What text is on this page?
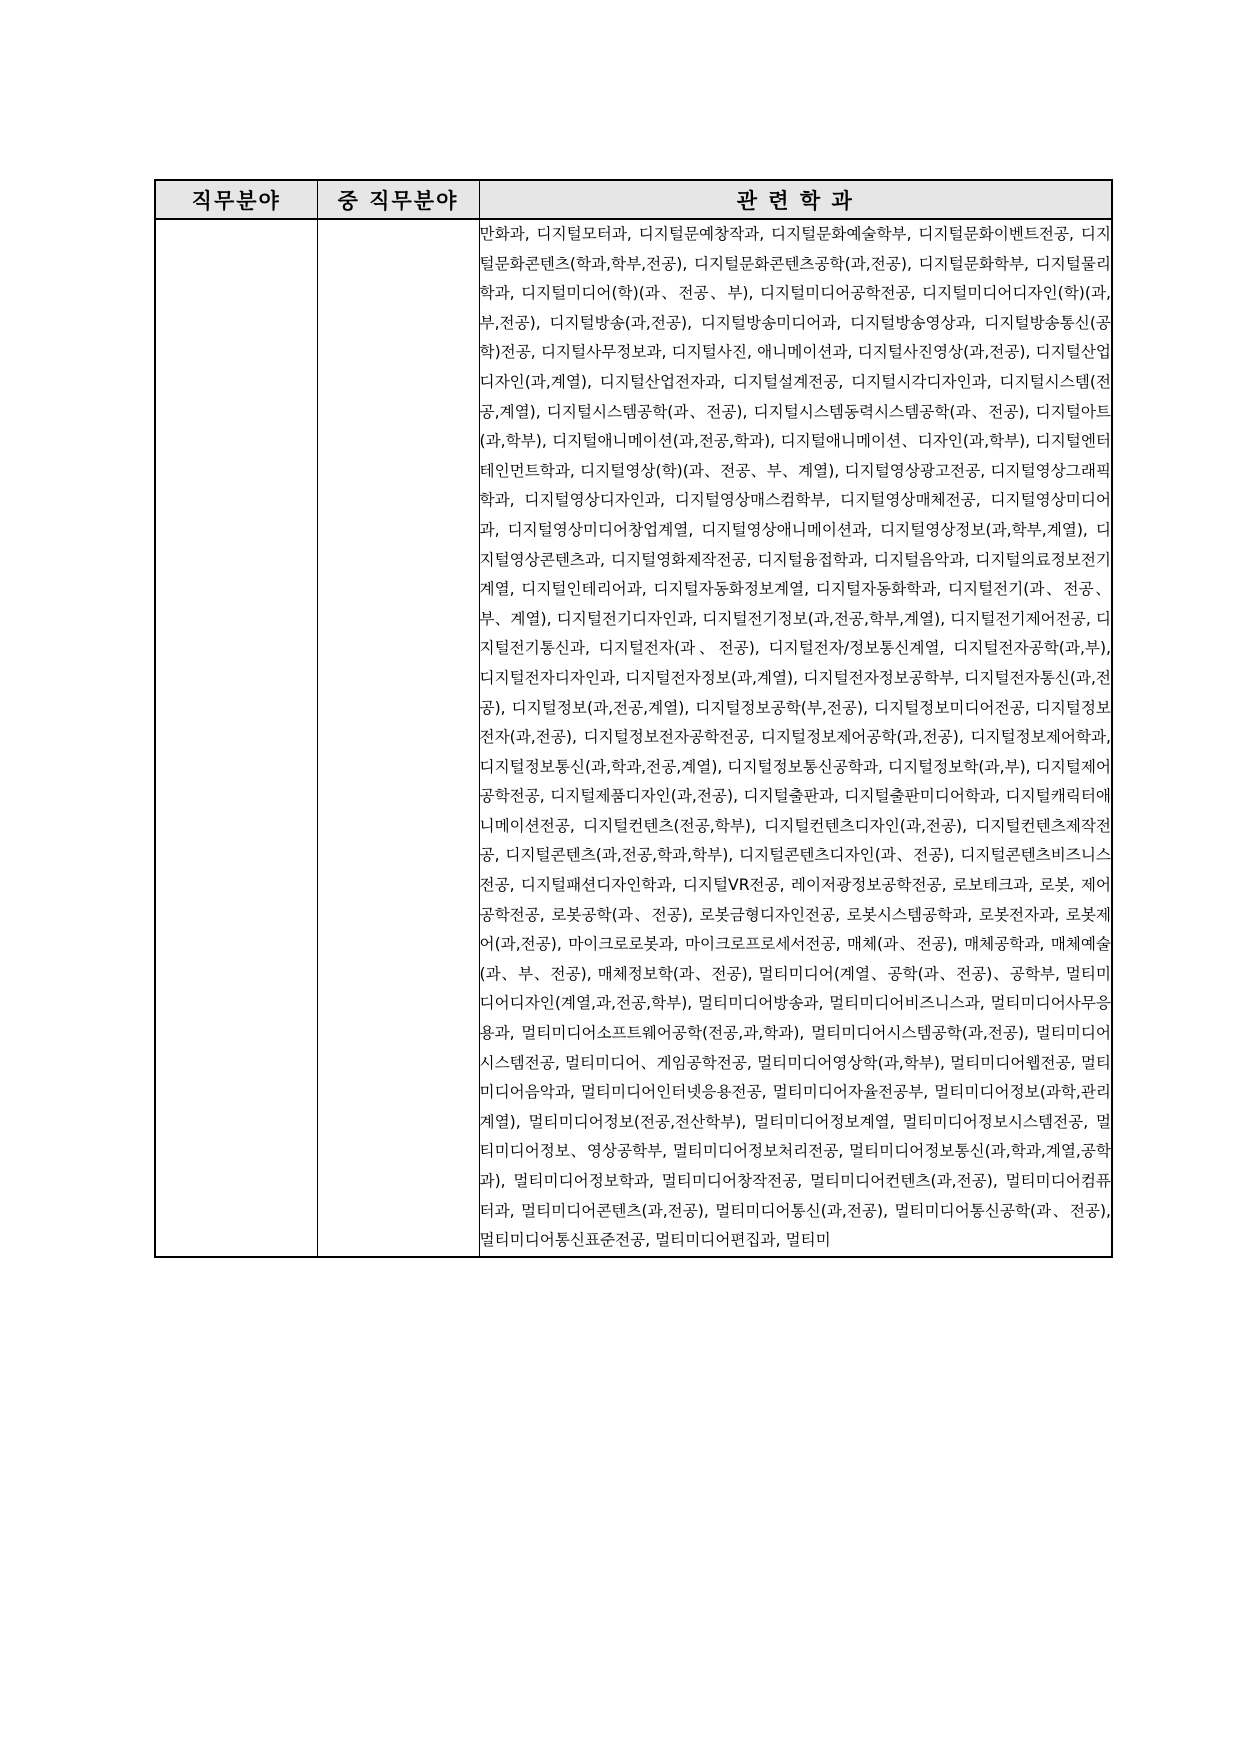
직무분야	중 직무분야	관 련 학 과

		만화과, 디지털모터과, 디지털문예창작과, 디지털문화예술학부, 디지털문화이벤트전공, 디지털문화콘텐츠(학과,학부,전공), 디지털문화콘텐츠공학(과,전공), 디지털문화학부, 디지털물리학과, 디지털미디어(학)(과、전공、부), 디지털미디어공학전공, 디지털미디어디자인(학)(과,부,전공), 디지털방송(과,전공), 디지털방송미디어과, 디지털방송영상과, 디지털방송통신(공학)전공, 디지털사무정보과, 디지털사진, 애니메이션과, 디지털사진영상(과,전공), 디지털산업디자인(과,계열), 디지털산업전자과, 디지털설계전공, 디지털시각디자인과, 디지털시스템(전공,계열), 디지털시스템공학(과、전공), 디지털시스템동력시스템공학(과、전공), 디지털아트(과,학부), 디지털애니메이션(과,전공,학과), 디지털애니메이션、디자인(과,학부), 디지털엔터테인먼트학과, 디지털영상(학)(과、전공、부、계열), 디지털영상광고전공, 디지털영상그래픽학과, 디지털영상디자인과, 디지털영상매스컴학부, 디지털영상매체전공, 디지털영상미디어과, 디지털영상미디어창업계열, 디지털영상애니메이션과, 디지털영상정보(과,학부,계열), 디지털영상콘텐츠과, 디지털영화제작전공, 디지털융접학과, 디지털음악과, 디지털의료정보전기계열, 디지털인테리어과, 디지털자동화정보계열, 디지털자동화학과, 디지털전기(과、전공、부、계열), 디지털전기디자인과, 디지털전기정보(과,전공,학부,계열), 디지털전기제어전공, 디지털전기통신과, 디지털전자(과、전공), 디지털전자/정보통신계열, 디지털전자공학(과,부), 디지털전자디자인과, 디지털전자정보(과,계열), 디지털전자정보공학부, 디지털전자통신(과,전공), 디지털정보(과,전공,계열), 디지털정보공학(부,전공), 디지털정보미디어전공, 디지털정보전자(과,전공), 디지털정보전자공학전공, 디지털정보제어공학(과,전공), 디지털정보제어학과, 디지털정보통신(과,학과,전공,계열), 디지털정보통신공학과, 디지털정보학(과,부), 디지털제어공학전공, 디지털제품디자인(과,전공), 디지털출판과, 디지털출판미디어학과, 디지털캐릭터애니메이션전공, 디지털컨텐츠(전공,학부), 디지털컨텐츠디자인(과,전공), 디지털컨텐츠제작전공, 디지털콘텐츠(과,전공,학과,학부), 디지털콘텐츠디자인(과、전공), 디지털콘텐츠비즈니스전공, 디지털패션디자인학과, 디지털VR전공, 레이저광정보공학전공, 로보테크과, 로봇, 제어공학전공, 로봇공학(과、전공), 로봇금형디자인전공, 로봇시스템공학과, 로봇전자과, 로봇제어(과,전공), 마이크로로봇과, 마이크로프로세서전공, 매체(과、전공), 매체공학과, 매체예술(과、부、전공), 매체정보학(과、전공), 멀티미디어(계열、공학(과、전공)、공학부, 멀티미디어디자인(계열,과,전공,학부), 멀티미디어방송과, 멀티미디어비즈니스과, 멀티미디어사무응용과, 멀티미디어소프트웨어공학(전공,과,학과), 멀티미디어시스템공학(과,전공), 멀티미디어시스템전공, 멀티미디어、게임공학전공, 멀티미디어영상학(과,학부), 멀티미디어웹전공, 멀티미디어음악과, 멀티미디어인터넷응용전공, 멀티미디어자율전공부, 멀티미디어정보(과학,관리계열), 멀티미디어정보(전공,전산학부), 멀티미디어정보계열, 멀티미디어정보시스템전공, 멀티미디어정보、영상공학부, 멀티미디어정보처리전공, 멀티미디어정보통신(과,학과,계열,공학과), 멀티미디어정보학과, 멀티미디어창작전공, 멀티미디어컨텐츠(과,전공), 멀티미디어컴퓨터과, 멀티미디어콘텐츠(과,전공), 멀티미디어통신(과,전공), 멀티미디어통신공학(과、전공), 멀티미디어통신표준전공, 멀티미디어편집과, 멀티미
